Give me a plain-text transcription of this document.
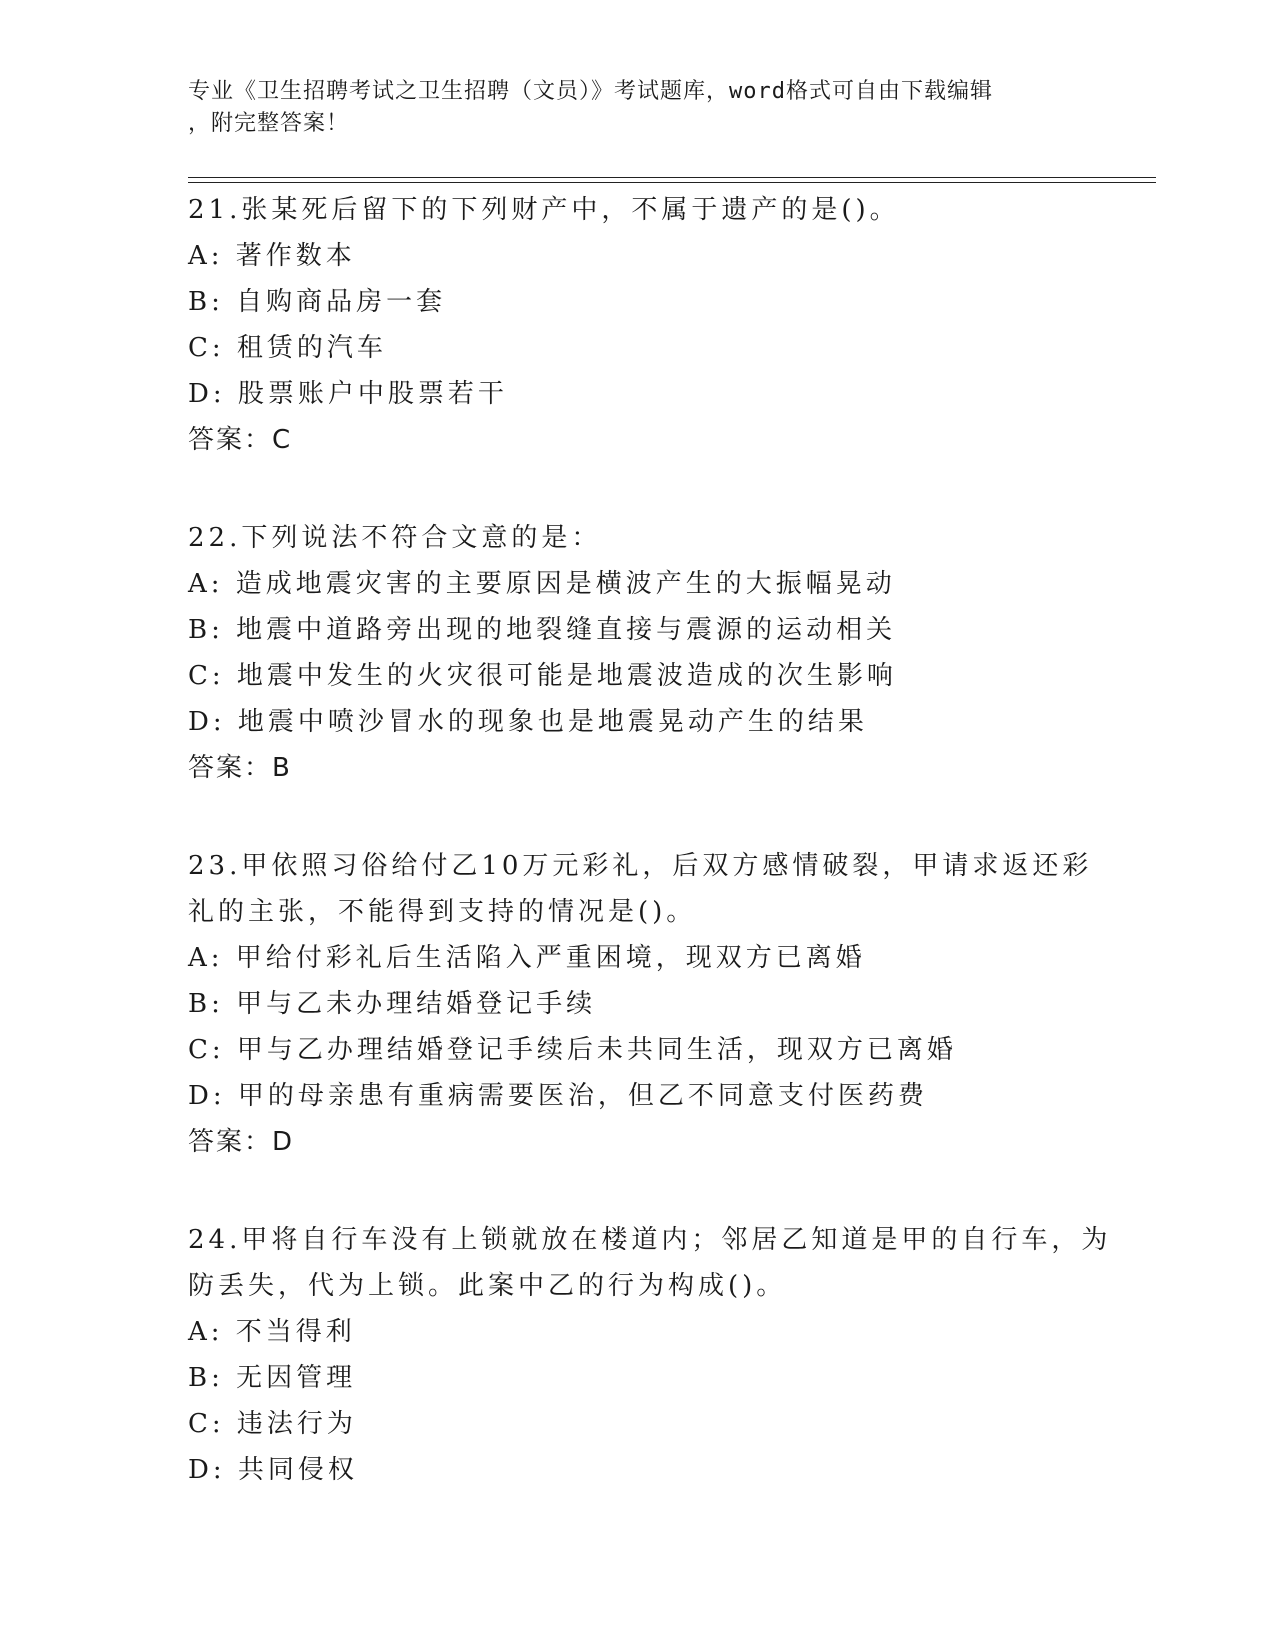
专业《卫生招聘考试之卫生招聘（文员）》考试题库，word格式可自由下载编辑
，附完整答案！
21.张某死后留下的下列财产中，不属于遗产的是()。
A: 著作数本
B: 自购商品房一套
C: 租赁的汽车
D: 股票账户中股票若干
答案：C
22.下列说法不符合文意的是：
A: 造成地震灾害的主要原因是横波产生的大振幅晃动
B: 地震中道路旁出现的地裂缝直接与震源的运动相关
C: 地震中发生的火灾很可能是地震波造成的次生影响
D: 地震中喷沙冒水的现象也是地震晃动产生的结果
答案：B
23.甲依照习俗给付乙10万元彩礼，后双方感情破裂，甲请求返还彩
礼的主张，不能得到支持的情况是()。
A: 甲给付彩礼后生活陷入严重困境，现双方已离婚
B: 甲与乙未办理结婚登记手续
C: 甲与乙办理结婚登记手续后未共同生活，现双方已离婚
D: 甲的母亲患有重病需要医治，但乙不同意支付医药费
答案：D
24.甲将自行车没有上锁就放在楼道内；邻居乙知道是甲的自行车，为
防丢失，代为上锁。此案中乙的行为构成()。
A: 不当得利
B: 无因管理
C: 违法行为
D: 共同侵权
